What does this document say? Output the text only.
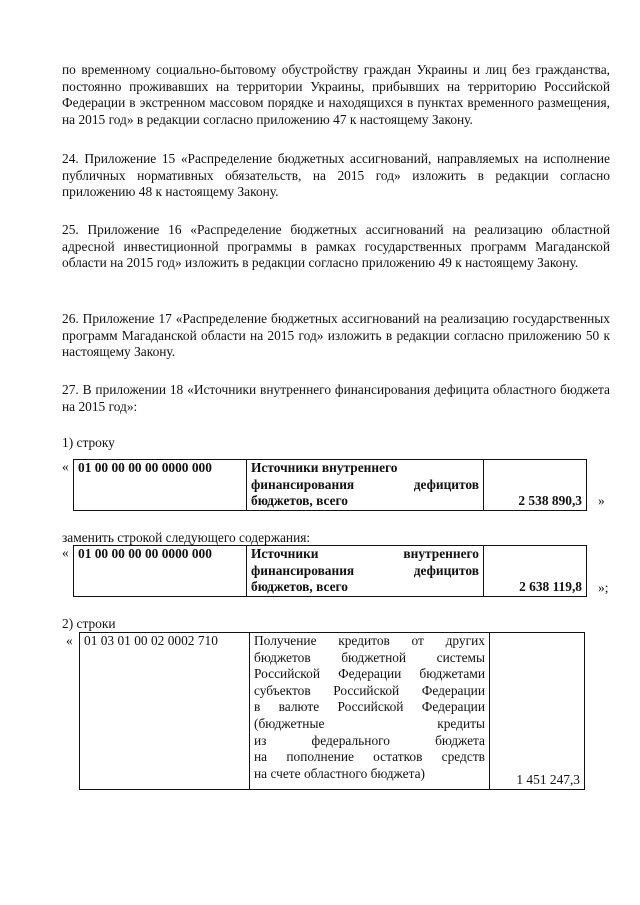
по временному социально-бытовому обустройству граждан Украины и лиц без гражданства, постоянно проживавших на территории Украины, прибывших на территорию Российской Федерации в экстренном массовом порядке и находящихся в пунктах временного размещения, на 2015 год» в редакции согласно приложению 47 к настоящему Закону.
24. Приложение 15 «Распределение бюджетных ассигнований, направляемых на исполнение публичных нормативных обязательств, на 2015 год» изложить в редакции согласно приложению 48 к настоящему Закону.
25. Приложение 16 «Распределение бюджетных ассигнований на реализацию областной адресной инвестиционной программы в рамках государственных программ Магаданской области на 2015 год» изложить в редакции согласно приложению 49 к настоящему Закону.
26. Приложение 17 «Распределение бюджетных ассигнований на реализацию государственных программ Магаданской области на 2015 год» изложить в редакции согласно приложению 50 к настоящему Закону.
27. В приложении 18 «Источники внутреннего финансирования дефицита областного бюджета на 2015 год»:
1) строку
« 01 00 00 00 00 0000 000	Источники внутреннего
финансирования дефицитов
бюджетов, всего	2 538 890,3 »
заменить строкой следующего содержания:
« 01 00 00 00 00 0000 000	Источники внутреннего
финансирования дефицитов
бюджетов, всего	2 638 119,8 »;
2) строки
« 01 03 01 00 02 0002 710	Получение кредитов от других
бюджетов бюджетной системы
Российской Федерации бюджетами
субъектов Российской Федерации
в валюте Российской Федерации
(бюджетные кредиты
из федерального бюджета
на пополнение остатков средств
на счете областного бюджета)	1 451 247,3
